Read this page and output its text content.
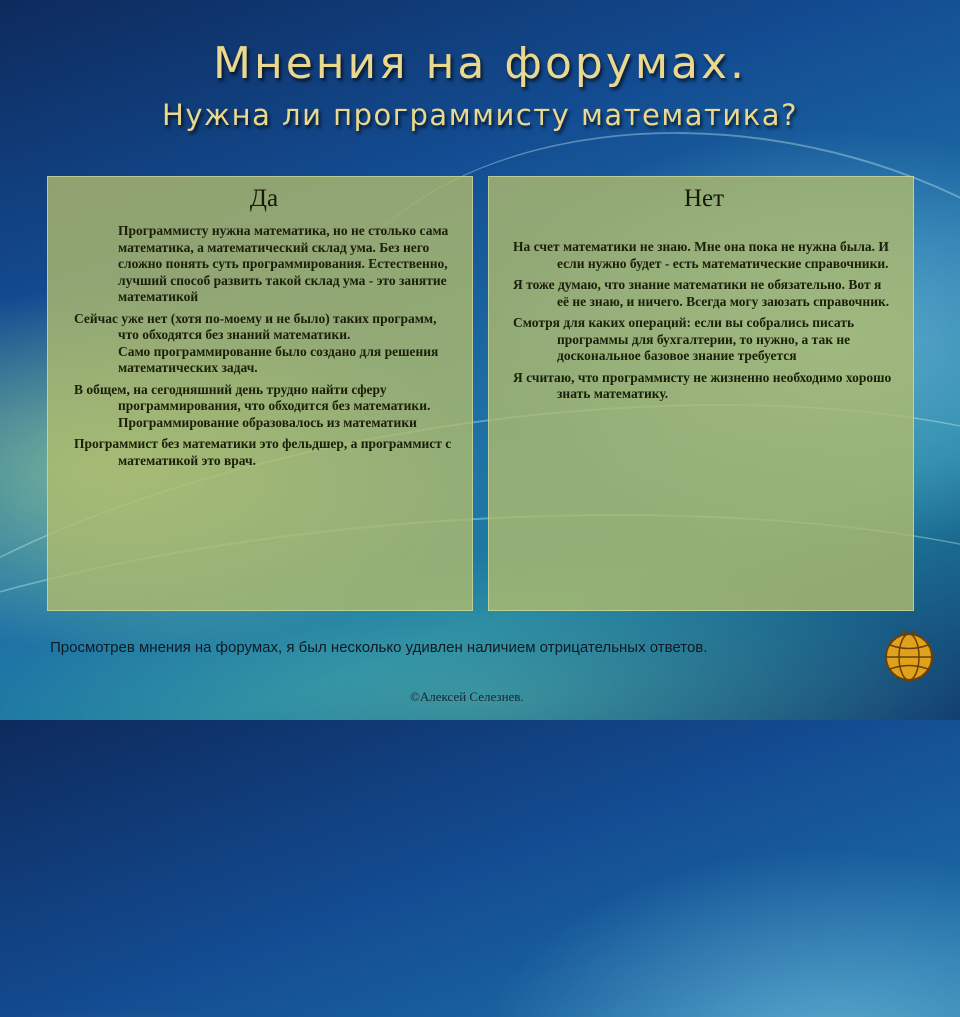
Мнения на форумах.
Нужна ли программисту математика?
Да

Программисту нужна математика, но не столько сама математика, а математический склад ума. Без него сложно понять суть программирования. Естественно, лучший способ развить такой склад ума - это занятие математикой

Сейчас уже нет (хотя по-моему и не было) таких программ, что обходятся без знаний математики.
Само программирование было создано для решения математических задач.

В общем, на сегодняшний день трудно найти сферу программирования, что обходится без математики.
Программирование образовалось из математики

Программист без математики это фельдшер, а программист с математикой это врач.

Нет

На счет математики не знаю. Мне она пока не нужна была. И если нужно будет - есть математические справочники.

Я тоже думаю, что знание математики не обязательно. Вот я её не знаю, и ничего. Всегда могу заюзать справочник.

Смотря для каких операций: если вы собрались писать программы для бухгалтерии, то нужно, а так не доскональное базовое знание требуется

Я считаю, что программисту не жизненно необходимо хорошо знать математику.

Просмотрев мнения на форумах, я был несколько удивлен наличием отрицательных ответов.
©Алексей Селезнев.
